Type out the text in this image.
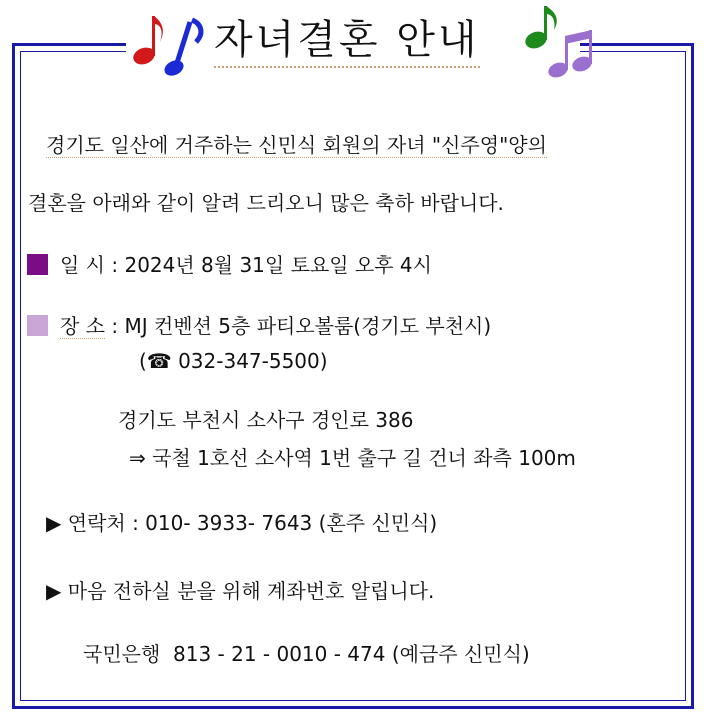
자녀결혼 안내
경기도 일산에 거주하는 신민식 회원의 자녀 "신주영"양의
결혼을 아래와 같이 알려 드리오니 많은 축하 바랍니다.
일 시 : 2024년 8월 31일 토요일 오후 4시
장 소 : MJ 컨벤션 5층 파티오볼룸(경기도 부천시)
(☎ 032-347-5500)
경기도 부천시 소사구 경인로 386
⇒ 국철 1호선 소사역 1번 출구 길 건너 좌측 100m
▶ 연락처 : 010- 3933- 7643 (혼주 신민식)
▶ 마음 전하실 분을 위해 계좌번호 알립니다.
국민은행  813 - 21 - 0010 - 474 (예금주 신민식)
